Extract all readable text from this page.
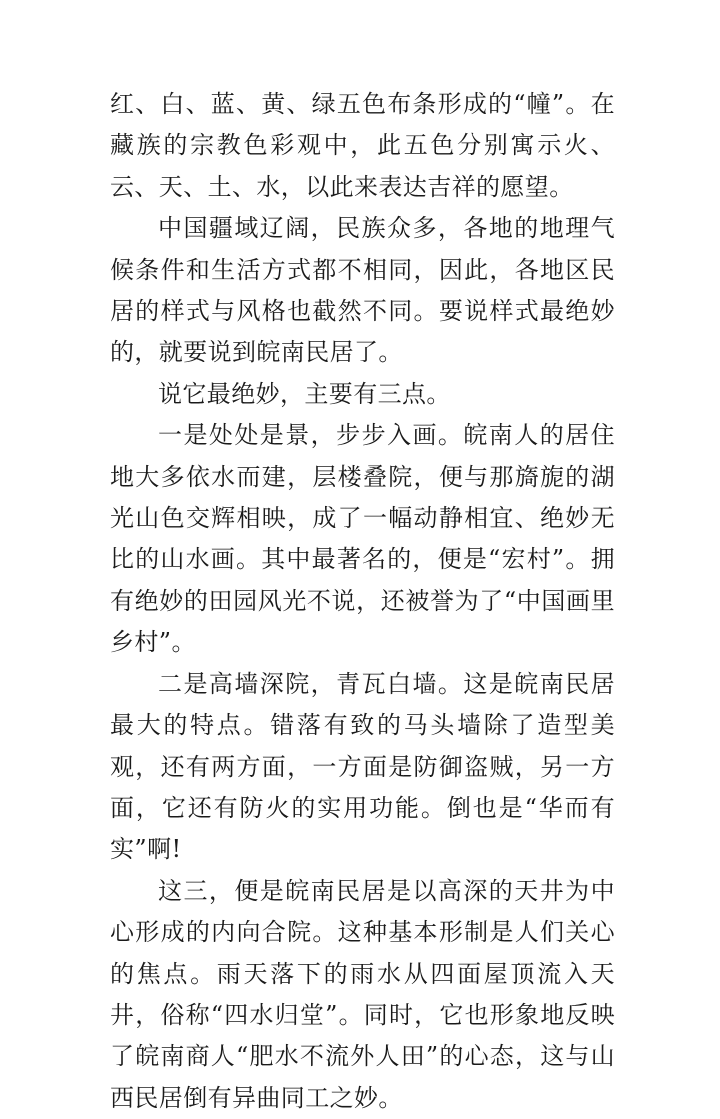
红、白、蓝、黄、绿五色布条形成的“幢”。在藏族的宗教色彩观中，此五色分别寓示火、云、天、土、水，以此来表达吉祥的愿望。

中国疆域辽阔，民族众多，各地的地理气候条件和生活方式都不相同，因此，各地区民居的样式与风格也截然不同。要说样式最绝妙的，就要说到皖南民居了。

说它最绝妙，主要有三点。

一是处处是景，步步入画。皖南人的居住地大多依水而建，层楼叠院，便与那旖旎的湖光山色交辉相映，成了一幅动静相宜、绝妙无比的山水画。其中最著名的，便是“宏村”。拥有绝妙的田园风光不说，还被誉为了“中国画里乡村”。

二是高墙深院，青瓦白墙。这是皖南民居最大的特点。错落有致的马头墙除了造型美观，还有两方面，一方面是防御盗贼，另一方面，它还有防火的实用功能。倒也是“华而有实”啊!

这三，便是皖南民居是以高深的天井为中心形成的内向合院。这种基本形制是人们关心的焦点。雨天落下的雨水从四面屋顶流入天井，俗称“四水归堂”。同时，它也形象地反映了皖南商人“肥水不流外人田”的心态，这与山西民居倒有异曲同工之妙。
